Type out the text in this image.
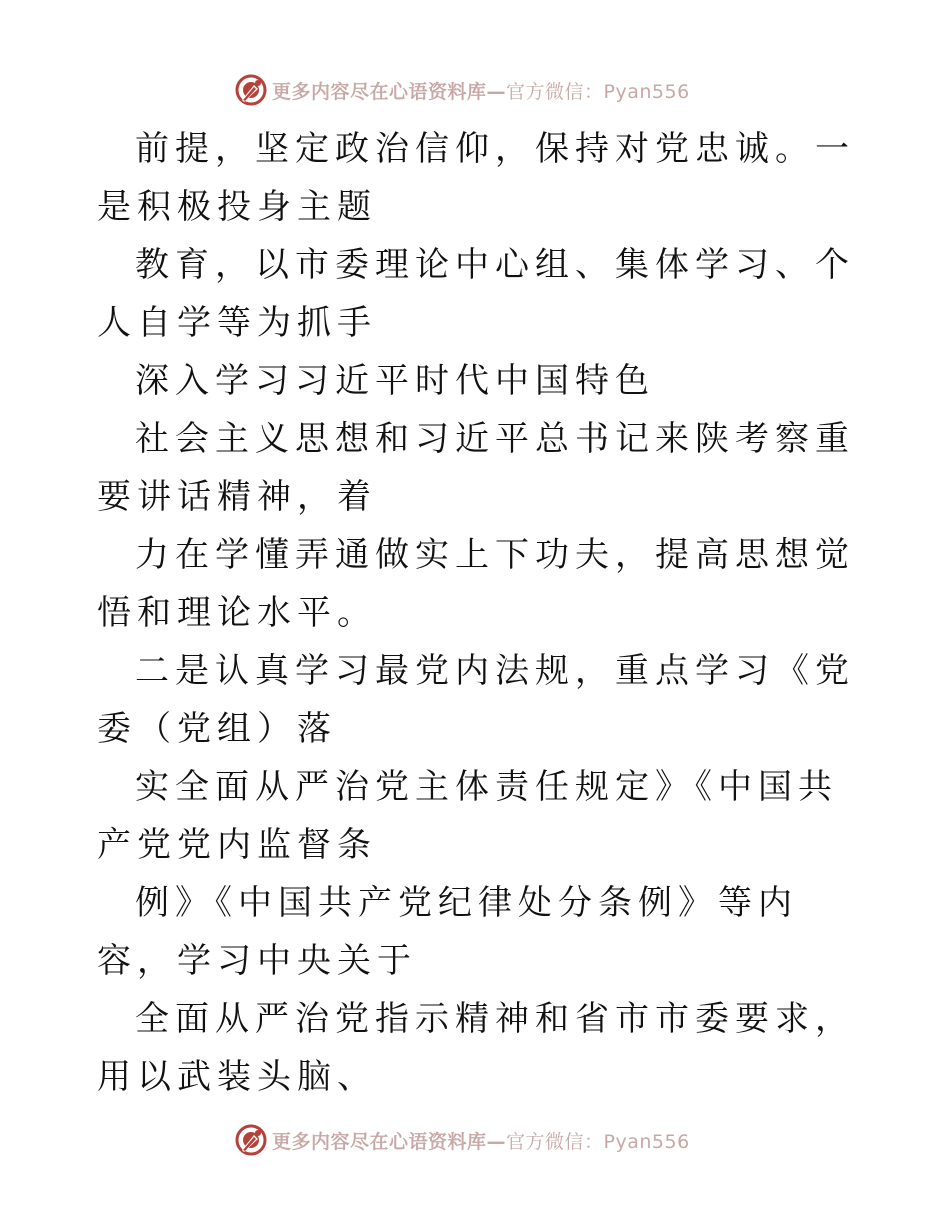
更多内容尽在心语资料库— 官方微信：Pyan556

前提，坚定政治信仰，保持对党忠诚。一是积极投身主题

教育，以市委理论中心组、集体学习、个人自学等为抓手

深入学习习近平时代中国特色

社会主义思想和习近平总书记来陕考察重要讲话精神，着

力在学懂弄通做实上下功夫，提高思想觉悟和理论水平。

二是认真学习最党内法规，重点学习《党委（党组）落

实全面从严治党主体责任规定》《中国共产党党内监督条

例》《中国共产党纪律处分条例》等内容，学习中央关于

全面从严治党指示精神和省市市委要求，用以武装头脑、

更多内容尽在心语资料库— 官方微信：Pyan556
